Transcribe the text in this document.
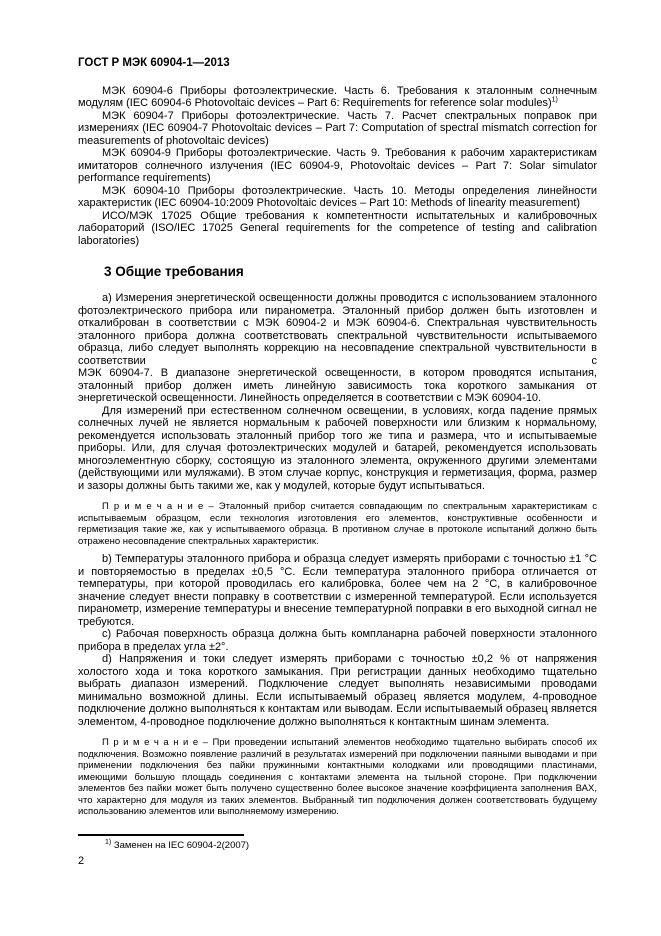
ГОСТ Р МЭК 60904-1—2013

МЭК 60904-6 Приборы фотоэлектрические. Часть 6. Требования к эталонным солнечным модулям (IEC 60904-6 Photovoltaic devices – Part 6: Requirements for reference solar modules)$^{1)}$

МЭК 60904-7 Приборы фотоэлектрические. Часть 7. Расчет спектральных поправок при измерениях (IEC 60904-7 Photovoltaic devices – Part 7: Computation of spectral mismatch correction for measurements of photovoltaic devices)

МЭК 60904-9 Приборы фотоэлектрические. Часть 9. Требования к рабочим характеристикам имитаторов солнечного излучения (IEC 60904-9, Photovoltaic devices – Part 7: Solar simulator performance requirements)

МЭК 60904-10 Приборы фотоэлектрические. Часть 10. Методы определения линейности характеристик (IEC 60904-10:2009 Photovoltaic devices – Part 10: Methods of linearity measurement)

ИСО/МЭК 17025 Общие требования к компетентности испытательных и калибровочных лабораторий (ISO/IEC 17025 General requirements for the competence of testing and calibration laboratories)

3 Общие требования

а) Измерения энергетической освещенности должны проводится с использованием эталонного фотоэлектрического прибора или пиранометра. Эталонный прибор должен быть изготовлен и откалиброван в соответствии с МЭК 60904-2 и МЭК 60904-6. Спектральная чувствительность эталонного прибора должна соответствовать спектральной чувствительности испытываемого образца, либо следует выполнять коррекцию на несовпадение спектральной чувствительности в

соответствии	с

МЭК 60904-7. В диапазоне энергетической освещенности, в котором проводятся испытания, эталонный прибор должен иметь линейную зависимость тока короткого замыкания от энергетической освещенности. Линейность определяется в соответствии с МЭК 60904-10.

Для измерений при естественном солнечном освещении, в условиях, когда падение прямых солнечных лучей не является нормальным к рабочей поверхности или близким к нормальному, рекомендуется использовать эталонный прибор того же типа и размера, что и испытываемые приборы. Или, для случая фотоэлектрических модулей и батарей, рекомендуется использовать многоэлементную сборку, состоящую из эталонного элемента, окруженного другими элементами (действующими или муляжами). В этом случае корпус, конструкция и герметизация, форма, размер и зазоры должны быть такими же, как у модулей, которые будут испытываться.

П р и м е ч а н и е – Эталонный прибор считается совпадающим по спектральным характеристикам с испытываемым образцом, если технология изготовления его элементов, конструктивные особенности и герметизация такие же, как у испытываемого образца. В противном случае в протоколе испытаний должно быть отражено несовпадение спектральных характеристик.

b) Температуры эталонного прибора и образца следует измерять приборами с точностью ±1 °С и повторяемостью в пределах ±0,5 °С. Если температура эталонного прибора отличается от температуры, при которой проводилась его калибровка, более чем на 2 °С, в калибровочное значение следует внести поправку в соответствии с измеренной температурой. Если используется пиранометр, измерение температуры и внесение температурной поправки в его выходной сигнал не требуются.

c) Рабочая поверхность образца должна быть компланарна рабочей поверхности эталонного прибора в пределах угла ±2°.

d) Напряжения и токи следует измерять приборами с точностью ±0,2 % от напряжения холостого хода и тока короткого замыкания. При регистрации данных необходимо тщательно выбрать диапазон измерений. Подключение следует выполнять независимыми проводами минимально возможной длины. Если испытываемый образец является модулем, 4-проводное подключение должно выполняться к контактам или выводам. Если испытываемый образец является элементом, 4-проводное подключение должно выполняться к контактным шинам элемента.

П р и м е ч а н и е – При проведении испытаний элементов необходимо тщательно выбирать способ их подключения. Возможно появление различий в результатах измерений при подключении паяными выводами и при применении подключения без пайки пружинными контактными колодками или проводящими пластинами, имеющими большую площадь соединения с контактами элемента на тыльной стороне. При подключении элементов без пайки может быть получено существенно более высокое значение коэффициента заполнения ВАХ, что характерно для модуля из таких элементов. Выбранный тип подключения должен соответствовать будущему использованию элементов или выполняемому измерению.

$^{1)}$ Заменен на IEC 60904-2(2007)

2
